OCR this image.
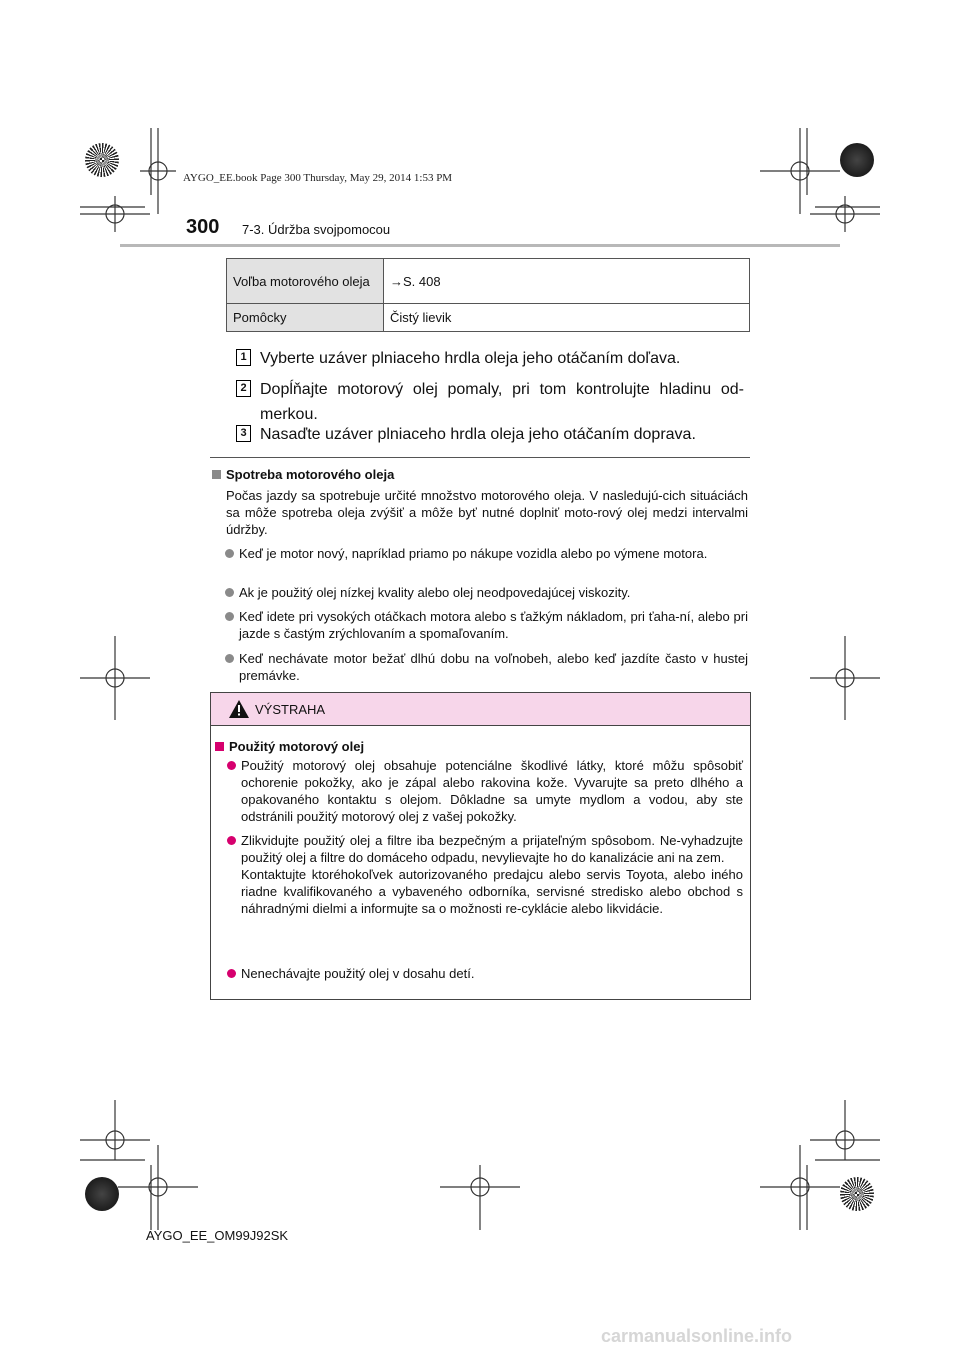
AYGO_EE.book Page 300 Thursday, May 29, 2014 1:53 PM
300 7-3. Údržba svojpomocou
Voľba motorového oleja	→S. 408
Pomôcky	Čistý lievik
1 Vyberte uzáver plniaceho hrdla oleja jeho otáčaním doľava.
2 Dopĺňajte motorový olej pomaly, pri tom kontrolujte hladinu od-merkou.
3 Nasaďte uzáver plniaceho hrdla oleja jeho otáčaním doprava.
Spotreba motorového oleja
Počas jazdy sa spotrebuje určité množstvo motorového oleja. V nasledujú-cich situáciách sa môže spotreba oleja zvýšiť a môže byť nutné doplniť moto-rový olej medzi intervalmi údržby.
Keď je motor nový, napríklad priamo po nákupe vozidla alebo po výmene motora.
Ak je použitý olej nízkej kvality alebo olej neodpovedajúcej viskozity.
Keď idete pri vysokých otáčkach motora alebo s ťažkým nákladom, pri ťaha-ní, alebo pri jazde s častým zrýchlovaním a spomaľovaním.
Keď nechávate motor bežať dlhú dobu na voľnobeh, alebo keď jazdíte často v hustej premávke.
VÝSTRAHA
Použitý motorový olej
Použitý motorový olej obsahuje potenciálne škodlivé látky, ktoré môžu spôsobiť ochorenie pokožky, ako je zápal alebo rakovina kože. Vyvarujte sa preto dlhého a opakovaného kontaktu s olejom. Dôkladne sa umyte mydlom a vodou, aby ste odstránili použitý motorový olej z vašej pokožky.
Zlikvidujte použitý olej a filtre iba bezpečným a prijateľným spôsobom. Ne-vyhadzujte použitý olej a filtre do domáceho odpadu, nevylievajte ho do kanalizácie ani na zem.
Kontaktujte ktoréhokoľvek autorizovaného predajcu alebo servis Toyota, alebo iného riadne kvalifikovaného a vybaveného odborníka, servisné stredisko alebo obchod s náhradnými dielmi a informujte sa o možnosti re-cyklácie alebo likvidácie.
Nenechávajte použitý olej v dosahu detí.
AYGO_EE_OM99J92SK
carmanualsonline.info
